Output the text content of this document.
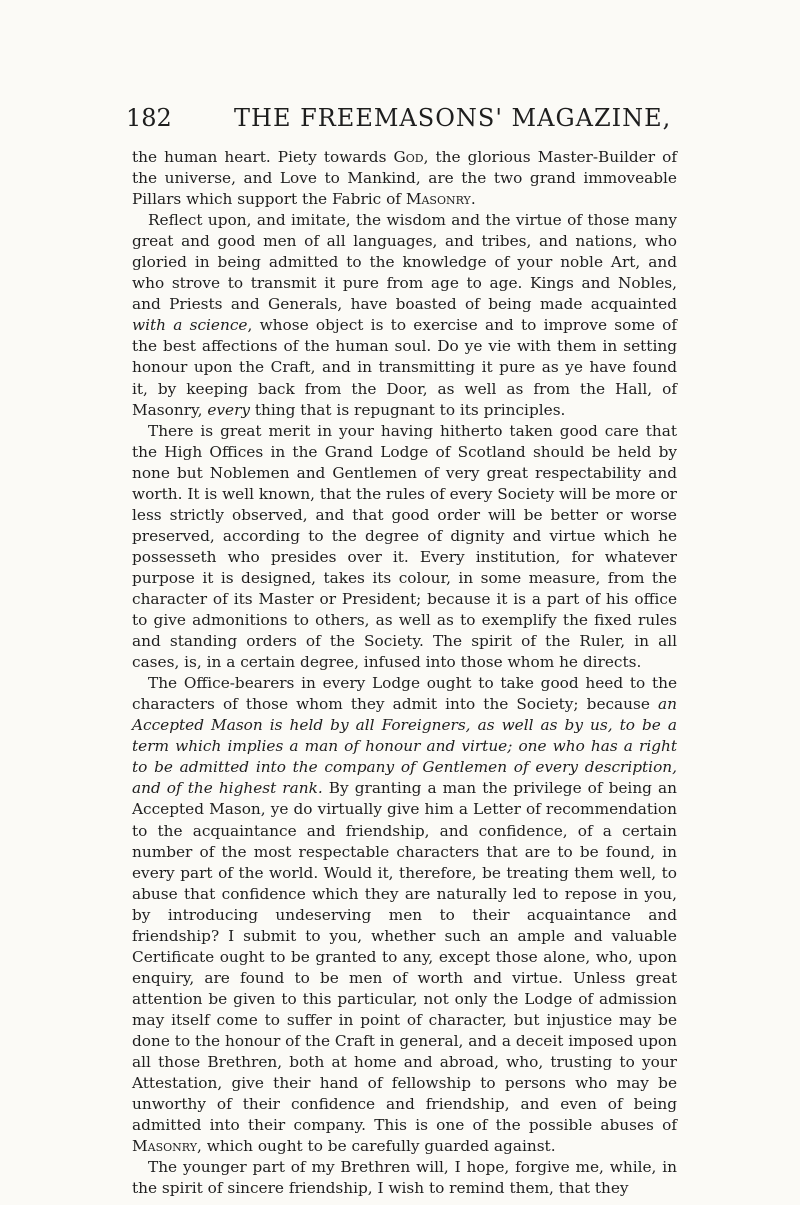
182	THE FREEMASONS' MAGAZINE,

the human heart. Piety towards God, the glorious Master-Builder of the universe, and Love to Mankind, are the two grand immoveable Pillars which support the Fabric of Masonry.

Reflect upon, and imitate, the wisdom and the virtue of those many great and good men of all languages, and tribes, and nations, who gloried in being admitted to the knowledge of your noble Art, and who strove to transmit it pure from age to age. Kings and Nobles, and Priests and Generals, have boasted of being made acquainted with a science, whose object is to exercise and to improve some of the best affections of the human soul. Do ye vie with them in setting honour upon the Craft, and in transmitting it pure as ye have found it, by keeping back from the Door, as well as from the Hall, of Masonry, every thing that is repugnant to its principles.

There is great merit in your having hitherto taken good care that the High Offices in the Grand Lodge of Scotland should be held by none but Noblemen and Gentlemen of very great respectability and worth. It is well known, that the rules of every Society will be more or less strictly observed, and that good order will be better or worse preserved, according to the degree of dignity and virtue which he possesseth who presides over it. Every institution, for whatever purpose it is designed, takes its colour, in some measure, from the character of its Master or President; because it is a part of his office to give admonitions to others, as well as to exemplify the fixed rules and standing orders of the Society. The spirit of the Ruler, in all cases, is, in a certain degree, infused into those whom he directs.

The Office-bearers in every Lodge ought to take good heed to the characters of those whom they admit into the Society; because an Accepted Mason is held by all Foreigners, as well as by us, to be a term which implies a man of honour and virtue; one who has a right to be admitted into the company of Gentlemen of every description, and of the highest rank. By granting a man the privilege of being an Accepted Mason, ye do virtually give him a Letter of recommendation to the acquaintance and friendship, and confidence, of a certain number of the most respectable characters that are to be found, in every part of the world. Would it, therefore, be treating them well, to abuse that confidence which they are naturally led to repose in you, by introducing undeserving men to their acquaintance and friendship? I submit to you, whether such an ample and valuable Certificate ought to be granted to any, except those alone, who, upon enquiry, are found to be men of worth and virtue. Unless great attention be given to this particular, not only the Lodge of admission may itself come to suffer in point of character, but injustice may be done to the honour of the Craft in general, and a deceit imposed upon all those Brethren, both at home and abroad, who, trusting to your Attestation, give their hand of fellowship to persons who may be unworthy of their confidence and friendship, and even of being admitted into their company. This is one of the possible abuses of Masonry, which ought to be carefully guarded against.

The younger part of my Brethren will, I hope, forgive me, while, in the spirit of sincere friendship, I wish to remind them, that they
